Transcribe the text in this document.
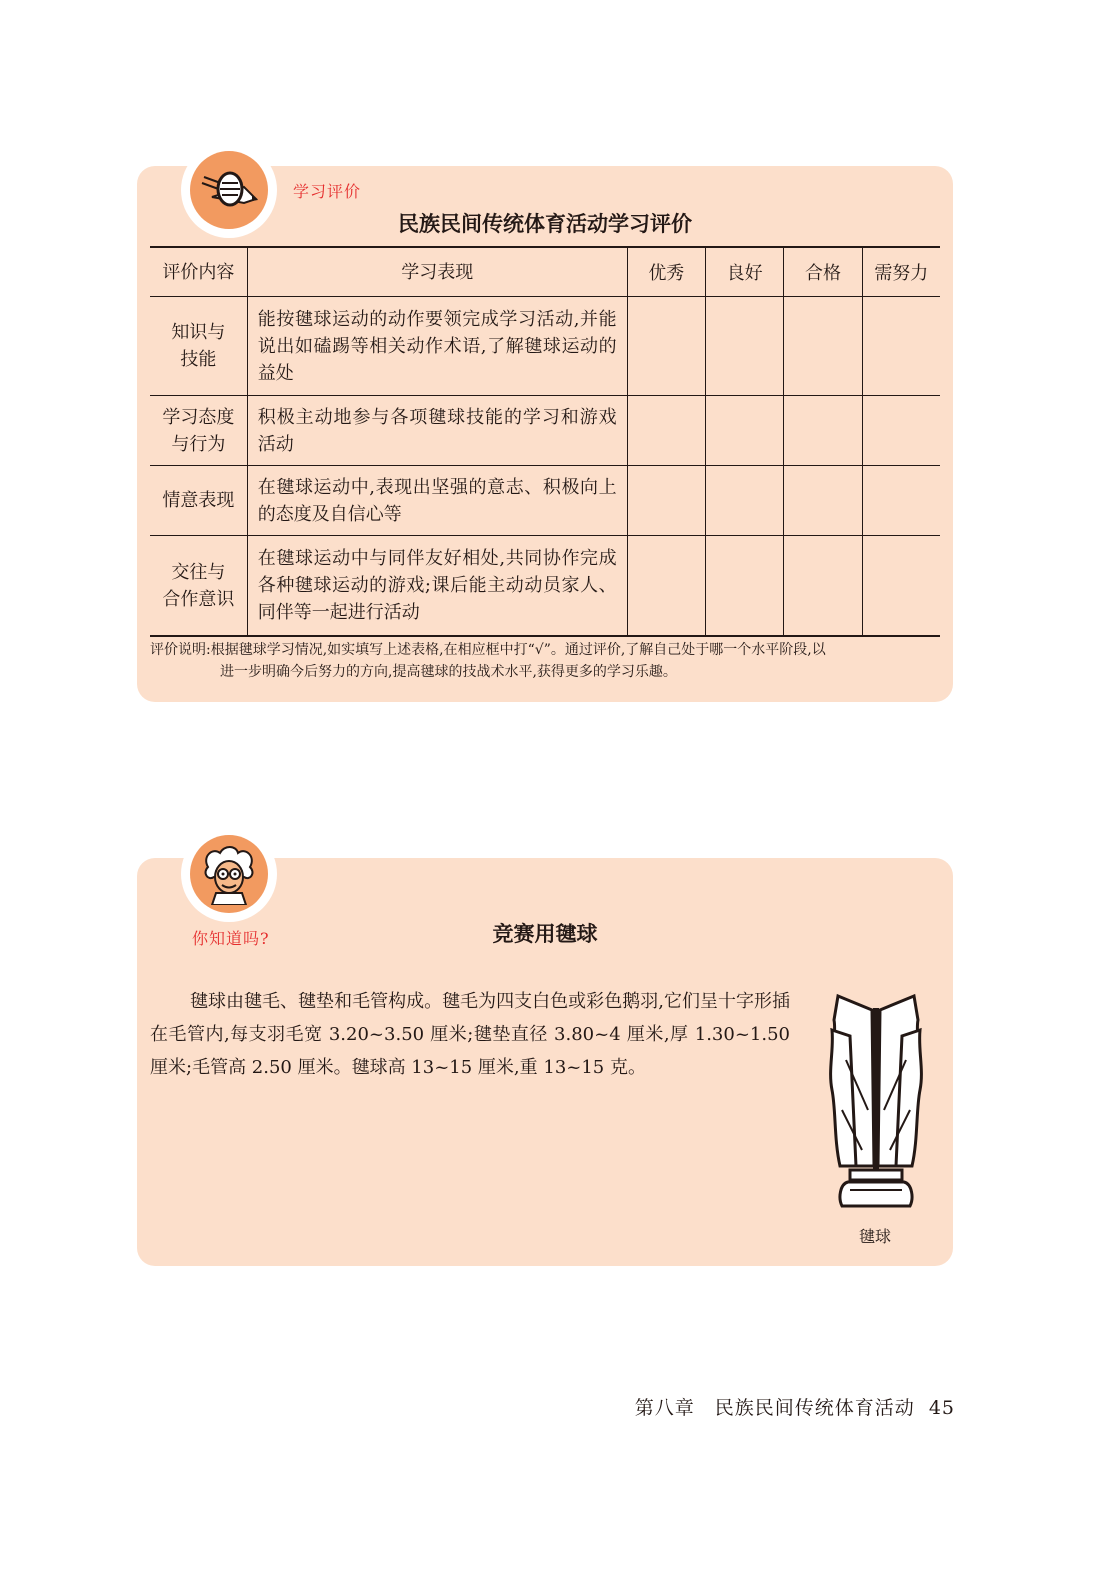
学习评价
民族民间传统体育活动学习评价
评价内容	学习表现	优秀	良好	合格	需努力

知识与
技能	能按毽球运动的动作要领完成学习活动,并能说出如磕踢等相关动作术语,了解毽球运动的益处				

学习态度
与行为	积极主动地参与各项毽球技能的学习和游戏活动				

情意表现	在毽球运动中,表现出坚强的意志、积极向上的态度及自信心等				

交往与
合作意识	在毽球运动中与同伴友好相处,共同协作完成各种毽球运动的游戏;课后能主动动员家人、同伴等一起进行活动				
评价说明:根据毽球学习情况,如实填写上述表格,在相应框中打“√”。通过评价,了解自己处于哪一个水平阶段,以
进一步明确今后努力的方向,提高毽球的技战术水平,获得更多的学习乐趣。
你知道吗?	竞赛用毽球
毽球由毽毛、毽垫和毛管构成。毽毛为四支白色或彩色鹅羽,它们呈十字形插在毛管内,每支羽毛宽 3.20~3.50 厘米;毽垫直径 3.80~4 厘米,厚 1.30~1.50 厘米;毛管高 2.50 厘米。毽球高 13~15 厘米,重 13~15 克。
毽球
第八章 民族民间传统体育活动 45
